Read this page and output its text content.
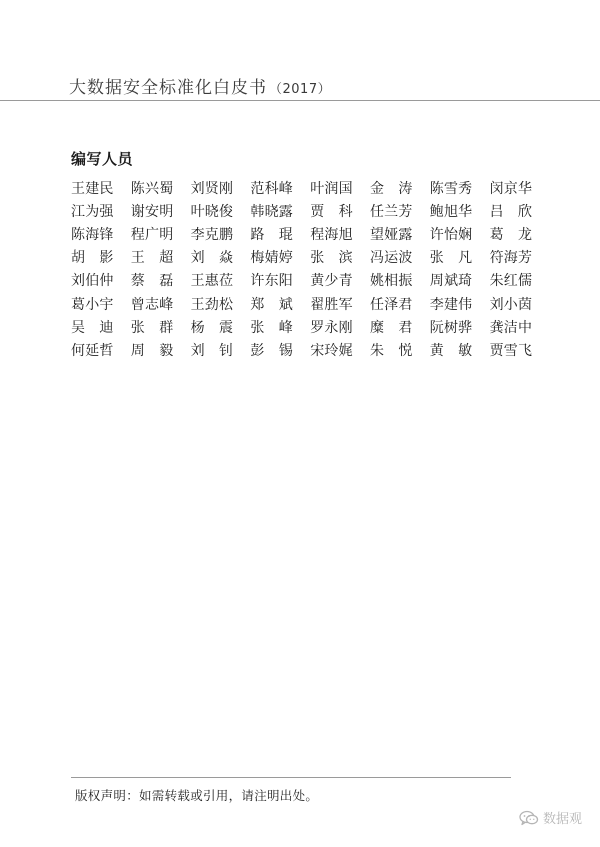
大数据安全标准化白皮书 （2017）
编写人员
王建民	陈兴蜀	刘贤刚	范科峰	叶润国	金　涛	陈雪秀	闵京华
江为强	谢安明	叶晓俊	韩晓露	贾　科	任兰芳	鲍旭华	吕　欣
陈海锋	程广明	李克鹏	路　琨	程海旭	望娅露	许怡娴	葛　龙
胡　影	王　超	刘　焱	梅婧婷	张　滨	冯运波	张　凡	符海芳
刘伯仲	蔡　磊	王惠莅	许东阳	黄少青	姚相振	周斌琦	朱红儒
葛小宇	曾志峰	王劲松	郑　斌	翟胜军	任泽君	李建伟	刘小茵
吴　迪	张　群	杨　震	张　峰	罗永刚	糜　君	阮树骅	龚洁中
何延哲	周　毅	刘　钊	彭　锡	宋玲娓	朱　悦	黄　敏	贾雪飞
版权声明：如需转载或引用，请注明出处。
数据观
